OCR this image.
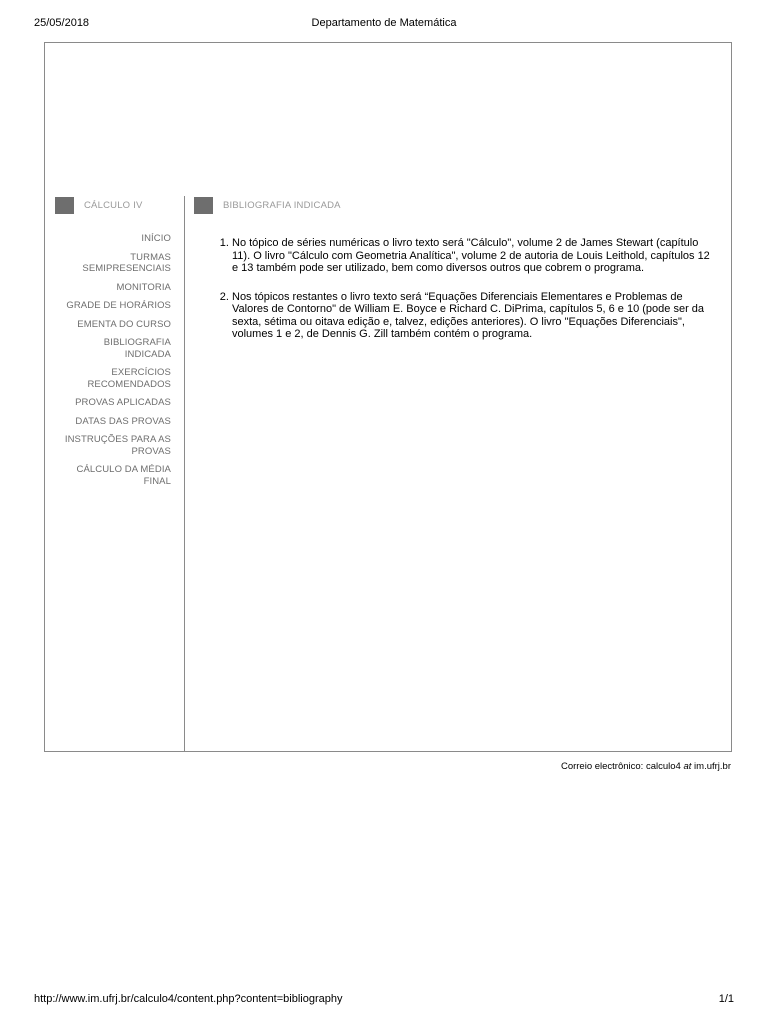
25/05/2018	Departamento de Matemática
CÁLCULO IV
INÍCIO
TURMAS SEMIPRESENCIAIS
MONITORIA
GRADE DE HORÁRIOS
EMENTA DO CURSO
BIBLIOGRAFIA INDICADA
EXERCÍCIOS RECOMENDADOS
PROVAS APLICADAS
DATAS DAS PROVAS
INSTRUÇÕES PARA AS PROVAS
CÁLCULO DA MÉDIA FINAL
BIBLIOGRAFIA INDICADA
1. No tópico de séries numéricas o livro texto será "Cálculo", volume 2 de James Stewart (capítulo 11). O livro "Cálculo com Geometria Analítica", volume 2 de autoria de Louis Leithold, capítulos 12 e 13 também pode ser utilizado, bem como diversos outros que cobrem o programa.
2. Nos tópicos restantes o livro texto será “Equações Diferenciais Elementares e Problemas de Valores de Contorno" de William E. Boyce e Richard C. DiPrima, capítulos 5, 6 e 10 (pode ser da sexta, sétima ou oitava edição e, talvez, edições anteriores). O livro "Equações Diferenciais", volumes 1 e 2, de Dennis G. Zill também contém o programa.
Correio electrônico: calculo4 at im.ufrj.br
http://www.im.ufrj.br/calculo4/content.php?content=bibliography	1/1
